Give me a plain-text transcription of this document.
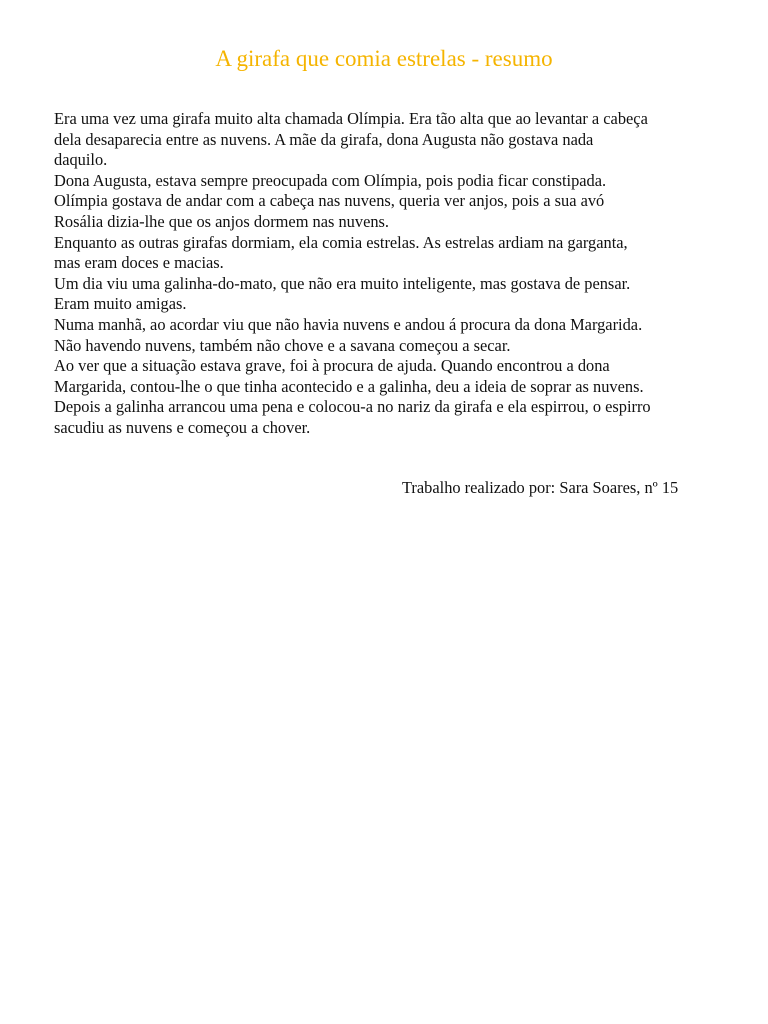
A girafa que comia estrelas - resumo
Era uma vez uma girafa muito alta chamada Olímpia. Era tão alta que ao levantar a cabeça
dela desaparecia entre as nuvens. A mãe da girafa, dona Augusta não gostava nada
daquilo.
Dona Augusta, estava sempre preocupada com Olímpia, pois podia ficar constipada.
Olímpia gostava de andar com a cabeça nas nuvens, queria ver anjos, pois a sua avó
Rosália dizia-lhe que os anjos dormem nas nuvens.
Enquanto as outras girafas dormiam, ela comia estrelas. As estrelas ardiam na garganta,
mas eram doces e macias.
Um dia viu uma galinha-do-mato, que não era muito inteligente, mas gostava de pensar.
Eram muito amigas.
Numa manhã, ao acordar viu que não havia nuvens e andou á procura da dona Margarida.
Não havendo nuvens, também não chove e a savana começou a secar.
Ao ver que a situação estava grave, foi à procura de ajuda. Quando encontrou a dona
Margarida, contou-lhe o que tinha acontecido e a galinha, deu a ideia de soprar as nuvens.
Depois a galinha arrancou uma pena e colocou-a no nariz da girafa e ela espirrou, o espirro
sacudiu as nuvens e começou a chover.
Trabalho realizado por: Sara Soares, nº 15
